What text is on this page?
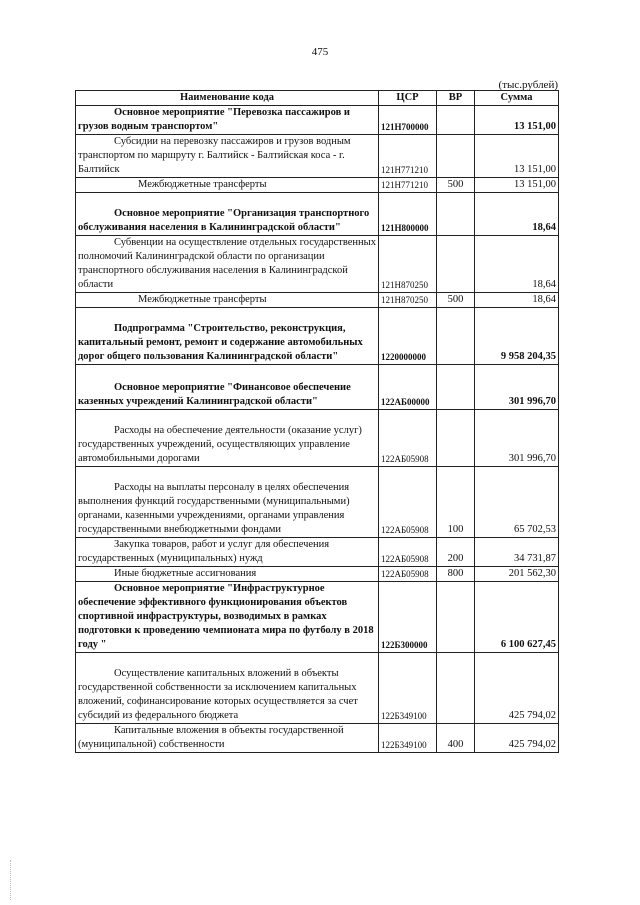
475
(тыс.рублей)
Наименование кода	ЦСР	ВР	Сумма
Основное мероприятие "Перевозка пассажиров и грузов водным транспортом"	121Н700000		13 151,00
Субсидии на перевозку пассажиров и грузов водным транспортом по маршруту г. Балтийск - Балтийская коса - г. Балтийск	121Н771210		13 151,00
Межбюджетные трансферты	121Н771210	500	13 151,00
Основное мероприятие "Организация транспортного обслуживания населения в Калининградской области"	121Н800000		18,64
Субвенции на осуществление отдельных государственных полномочий Калининградской области по организации транспортного обслуживания населения в Калининградской области	121Н870250		18,64
Межбюджетные трансферты	121Н870250	500	18,64
Подпрограмма "Строительство, реконструкция, капитальный ремонт, ремонт и содержание автомобильных дорог общего пользования Калининградской области"	1220000000		9 958 204,35
Основное мероприятие "Финансовое обеспечение казенных учреждений Калининградской области"	122АБ00000		301 996,70
Расходы на обеспечение деятельности (оказание услуг) государственных учреждений, осуществляющих управление автомобильными дорогами	122АБ05908		301 996,70
Расходы на выплаты персоналу в целях обеспечения выполнения функций государственными (муниципальными) органами, казенными учреждениями, органами управления государственными внебюджетными фондами	122АБ05908	100	65 702,53
Закупка товаров, работ и услуг для обеспечения государственных (муниципальных) нужд	122АБ05908	200	34 731,87
Иные бюджетные ассигнования	122АБ05908	800	201 562,30
Основное мероприятие "Инфраструктурное обеспечение эффективного функционирования объектов спортивной инфраструктуры, возводимых в рамках подготовки к проведению чемпионата мира по футболу в 2018 году "	122Б300000		6 100 627,45
Осуществление капитальных вложений в объекты государственной собственности за исключением капитальных вложений, софинансирование которых осуществляется за счет субсидий из федерального бюджета	122Б349100		425 794,02
Капитальные вложения в объекты государственной (муниципальной) собственности	122Б349100	400	425 794,02
